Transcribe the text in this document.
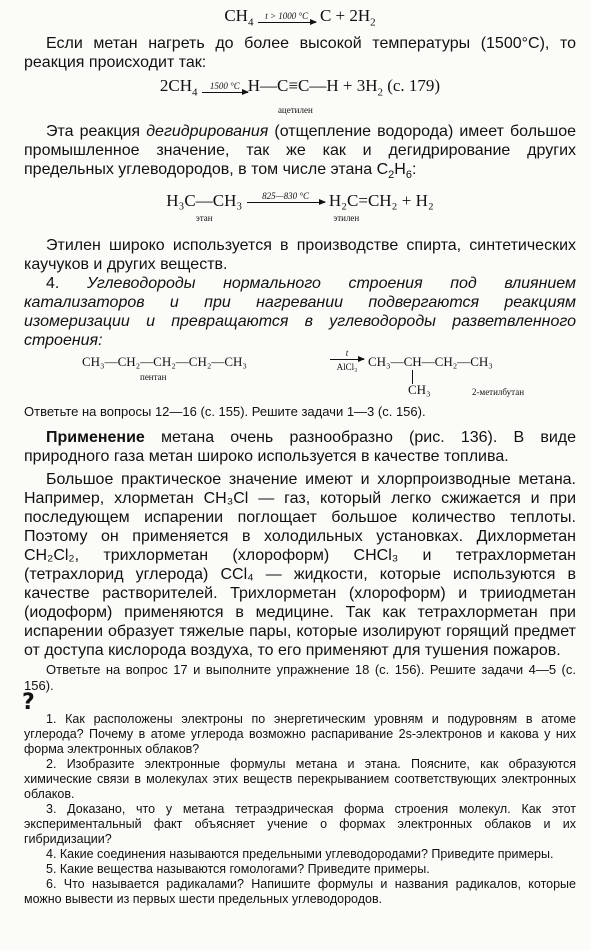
$CH_4$
t > 1000 °C $C + 2H_2$

Если метан нагреть до более высокой температуры (1500°C), то реакция происходит так:

$2CH_4$
1500 °C H—C≡C—H + $3H_2$
ацетилен
(с. 179)

Эта реакция дегидрирования (отщепление водорода) имеет большое промышленное значение, так же как и дегидрирование других предельных углеводородов, в том числе этана $C_2H_6$:

H₃C—CH₃
этан

825—830 °C	H₂C=CH₂ + H₂
этилен

Этилен широко используется в производстве спирта, синтетических каучуков и других веществ.

4. Углеводороды нормального строения под влиянием катализаторов и при нагревании подвергаются реакциям изомеризации и превращаются в углеводороды разветвленного строения:

CH₃—CH₂—CH₂—CH₂—CH₃
t
AlCl₃ CH₃—CH—CH₂—CH₃
CH₃
пентан
2-метилбутан

Ответьте на вопросы 12—16 (с. 155). Решите задачи 1—3 (с. 156).

Применение метана очень разнообразно (рис. 136). В виде природного газа метан широко используется в качестве топлива.

Большое практическое значение имеют и хлорпроизводные метана. Например, хлорметан CH₃Cl — газ, который легко сжижается и при последующем испарении поглощает большое количество теплоты. Поэтому он применяется в холодильных установках. Дихлорметан CH₂Cl₂, трихлорметан (хлороформ) CHCl₃ и тетрахлорметан (тетрахлорид углерода) CCl₄ — жидкости, которые используются в качестве растворителей. Трихлорметан (хлороформ) и трииодметан (иодоформ) применяются в медицине. Так как тетрахлорметан при испарении образует тяжелые пары, которые изолируют горящий предмет от доступа кислорода воздуха, то его применяют для тушения пожаров.

Ответьте на вопрос 17 и выполните упражнение 18 (с. 156). Решите задачи 4—5 (с. 156).

?

1. Как расположены электроны по энергетическим уровням и подуровням в атоме углерода? Почему в атоме углерода возможно распаривание 2s-электронов и какова у них форма электронных облаков?

2. Изобразите электронные формулы метана и этана. Поясните, как образуются химические связи в молекулах этих веществ перекрыванием соответствующих электронных облаков.

3. Доказано, что у метана тетраэдрическая форма строения молекул. Как этот экспериментальный факт объясняет учение о формах электронных облаков и их гибридизации?

4. Какие соединения называются предельными углеводородами? Приведите примеры.

5. Какие вещества называются гомологами? Приведите примеры.

6. Что называется радикалами? Напишите формулы и названия радикалов, которые можно вывести из первых шести предельных углеводородов.
